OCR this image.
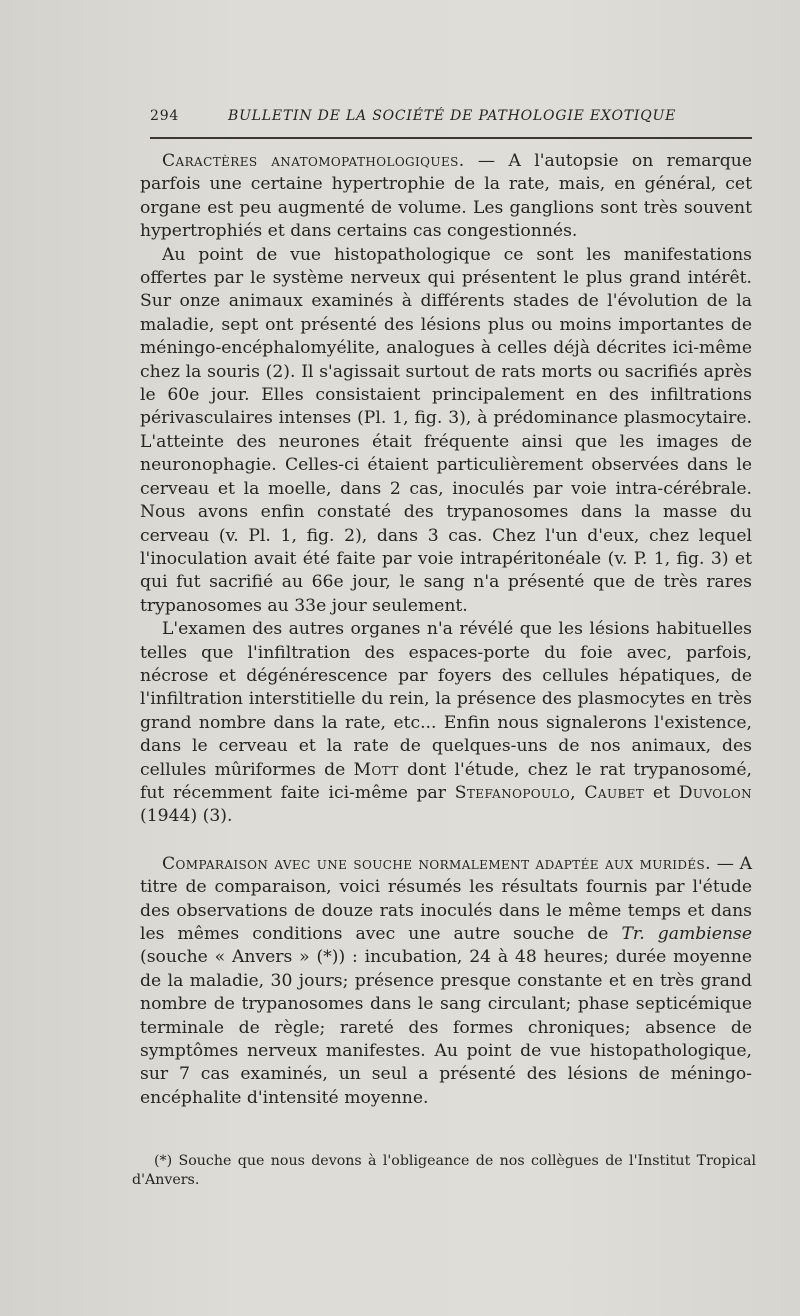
294	BULLETIN DE LA SOCIÉTÉ DE PATHOLOGIE EXOTIQUE

Caractères anatomopathologiques. — A l'autopsie on remarque parfois une certaine hypertrophie de la rate, mais, en général, cet organe est peu augmenté de volume. Les ganglions sont très souvent hypertrophiés et dans certains cas congestionnés.

Au point de vue histopathologique ce sont les manifestations offertes par le système nerveux qui présentent le plus grand intérêt. Sur onze animaux examinés à différents stades de l'évolution de la maladie, sept ont présenté des lésions plus ou moins importantes de méningo-encéphalomyélite, analogues à celles déjà décrites ici-même chez la souris (2). Il s'agissait surtout de rats morts ou sacrifiés après le 60e jour. Elles consistaient principalement en des infiltrations périvasculaires intenses (Pl. 1, fig. 3), à prédominance plasmocytaire. L'atteinte des neurones était fréquente ainsi que les images de neuronophagie. Celles-ci étaient particulièrement observées dans le cerveau et la moelle, dans 2 cas, inoculés par voie intra-cérébrale. Nous avons enfin constaté des trypanosomes dans la masse du cerveau (v. Pl. 1, fig. 2), dans 3 cas. Chez l'un d'eux, chez lequel l'inoculation avait été faite par voie intrapéritonéale (v. P. 1, fig. 3) et qui fut sacrifié au 66e jour, le sang n'a présenté que de très rares trypanosomes au 33e jour seulement.

L'examen des autres organes n'a révélé que les lésions habituelles telles que l'infiltration des espaces-porte du foie avec, parfois, nécrose et dégénérescence par foyers des cellules hépatiques, de l'infiltration interstitielle du rein, la présence des plasmocytes en très grand nombre dans la rate, etc... Enfin nous signalerons l'existence, dans le cerveau et la rate de quelques-uns de nos animaux, des cellules mûriformes de Mott dont l'étude, chez le rat trypanosomé, fut récemment faite ici-même par Stefanopoulo, Caubet et Duvolon (1944) (3).

Comparaison avec une souche normalement adaptée aux muridés. — A titre de comparaison, voici résumés les résultats fournis par l'étude des observations de douze rats inoculés dans le même temps et dans les mêmes conditions avec une autre souche de Tr. gambiense (souche « Anvers » (*)) : incubation, 24 à 48 heures; durée moyenne de la maladie, 30 jours; présence presque constante et en très grand nombre de trypanosomes dans le sang circulant; phase septicémique terminale de règle; rareté des formes chroniques; absence de symptômes nerveux manifestes. Au point de vue histopathologique, sur 7 cas examinés, un seul a présenté des lésions de méningo-encéphalite d'intensité moyenne.

(*) Souche que nous devons à l'obligeance de nos collègues de l'Institut Tropical d'Anvers.
